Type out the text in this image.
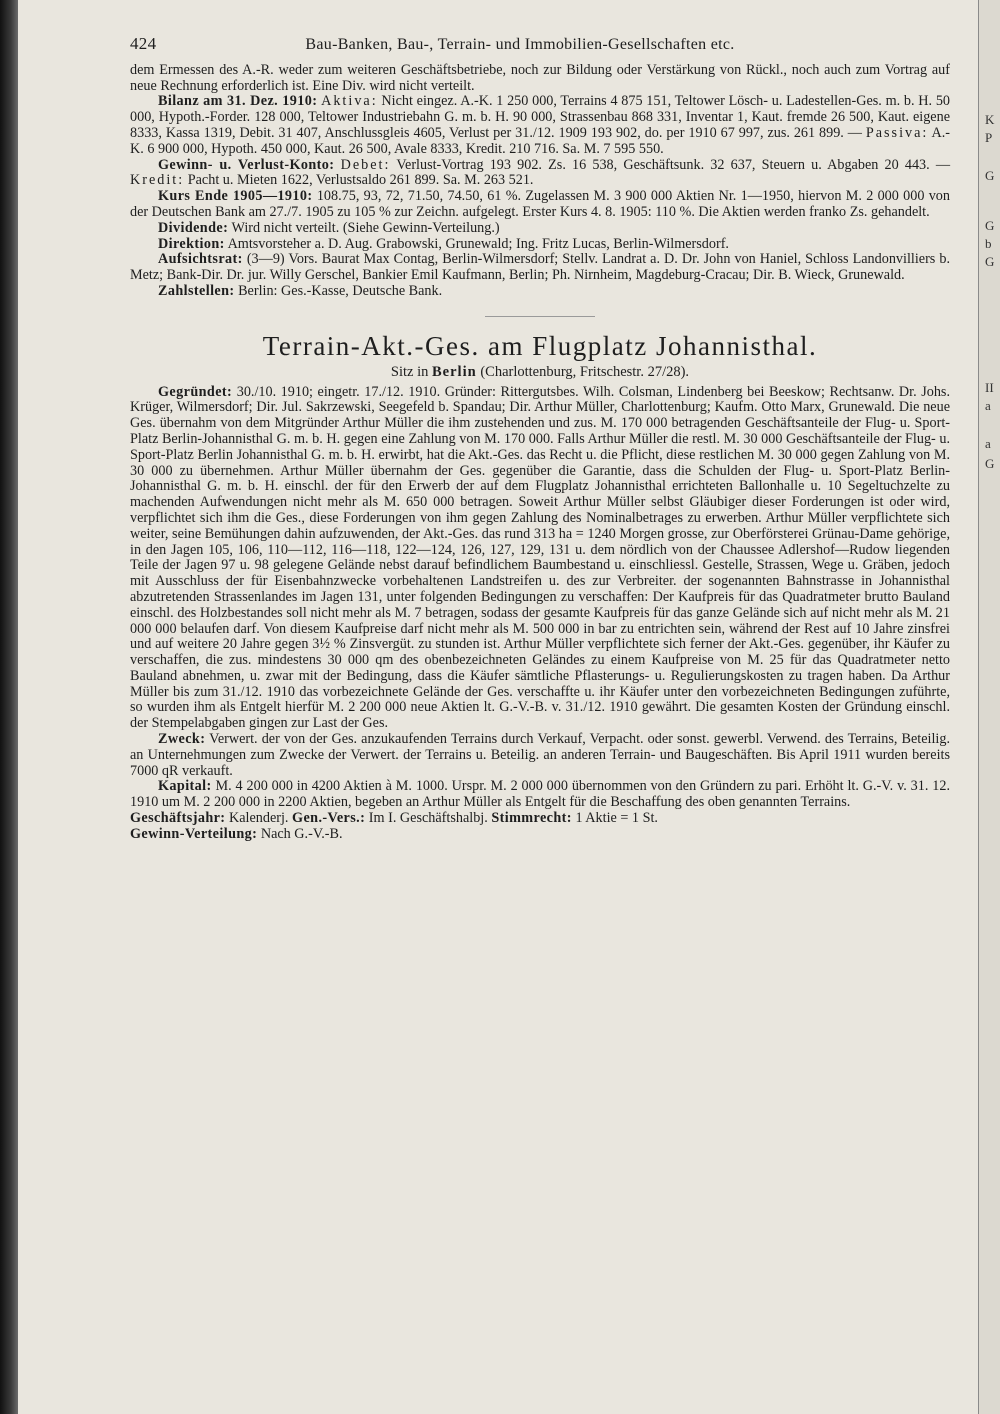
424	Bau-Banken, Bau-, Terrain- und Immobilien-Gesellschaften etc.

dem Ermessen des A.-R. weder zum weiteren Geschäftsbetriebe, noch zur Bildung oder Verstärkung von Rückl., noch auch zum Vortrag auf neue Rechnung erforderlich ist. Eine Div. wird nicht verteilt.

Bilanz am 31. Dez. 1910: Aktiva: Nicht eingez. A.-K. 1 250 000, Terrains 4 875 151, Teltower Lösch- u. Ladestellen-Ges. m. b. H. 50 000, Hypoth.-Forder. 128 000, Teltower Industriebahn G. m. b. H. 90 000, Strassenbau 868 331, Inventar 1, Kaut. fremde 26 500, Kaut. eigene 8333, Kassa 1319, Debit. 31 407, Anschlussgleis 4605, Verlust per 31./12. 1909 193 902, do. per 1910 67 997, zus. 261 899. — Passiva: A.-K. 6 900 000, Hypoth. 450 000, Kaut. 26 500, Avale 8333, Kredit. 210 716. Sa. M. 7 595 550.

Gewinn- u. Verlust-Konto: Debet: Verlust-Vortrag 193 902. Zs. 16 538, Geschäftsunk. 32 637, Steuern u. Abgaben 20 443. — Kredit: Pacht u. Mieten 1622, Verlustsaldo 261 899. Sa. M. 263 521.

Kurs Ende 1905—1910: 108.75, 93, 72, 71.50, 74.50, 61 %. Zugelassen M. 3 900 000 Aktien Nr. 1—1950, hiervon M. 2 000 000 von der Deutschen Bank am 27./7. 1905 zu 105 % zur Zeichn. aufgelegt. Erster Kurs 4. 8. 1905: 110 %. Die Aktien werden franko Zs. gehandelt.

Dividende: Wird nicht verteilt. (Siehe Gewinn-Verteilung.)

Direktion: Amtsvorsteher a. D. Aug. Grabowski, Grunewald; Ing. Fritz Lucas, Berlin-Wilmersdorf.

Aufsichtsrat: (3—9) Vors. Baurat Max Contag, Berlin-Wilmersdorf; Stellv. Landrat a. D. Dr. John von Haniel, Schloss Landonvilliers b. Metz; Bank-Dir. Dr. jur. Willy Gerschel, Bankier Emil Kaufmann, Berlin; Ph. Nirnheim, Magdeburg-Cracau; Dir. B. Wieck, Grunewald.

Zahlstellen: Berlin: Ges.-Kasse, Deutsche Bank.

Terrain-Akt.-Ges. am Flugplatz Johannisthal.
Sitz in Berlin (Charlottenburg, Fritschestr. 27/28).

Gegründet: 30./10. 1910; eingetr. 17./12. 1910. Gründer: Rittergutsbes. Wilh. Colsman, Lindenberg bei Beeskow; Rechtsanw. Dr. Johs. Krüger, Wilmersdorf; Dir. Jul. Sakrzewski, Seegefeld b. Spandau; Dir. Arthur Müller, Charlottenburg; Kaufm. Otto Marx, Grunewald. Die neue Ges. übernahm von dem Mitgründer Arthur Müller die ihm zustehenden und zus. M. 170 000 betragenden Geschäftsanteile der Flug- u. Sport-Platz Berlin-Johannisthal G. m. b. H. gegen eine Zahlung von M. 170 000. Falls Arthur Müller die restl. M. 30 000 Geschäftsanteile der Flug- u. Sport-Platz Berlin Johannisthal G. m. b. H. erwirbt, hat die Akt.-Ges. das Recht u. die Pflicht, diese restlichen M. 30 000 gegen Zahlung von M. 30 000 zu übernehmen. Arthur Müller übernahm der Ges. gegenüber die Garantie, dass die Schulden der Flug- u. Sport-Platz Berlin-Johannisthal G. m. b. H. einschl. der für den Erwerb der auf dem Flugplatz Johannisthal errichteten Ballonhalle u. 10 Segeltuchzelte zu machenden Aufwendungen nicht mehr als M. 650 000 betragen. Soweit Arthur Müller selbst Gläubiger dieser Forderungen ist oder wird, verpflichtet sich ihm die Ges., diese Forderungen von ihm gegen Zahlung des Nominalbetrages zu erwerben. Arthur Müller verpflichtete sich weiter, seine Bemühungen dahin aufzuwenden, der Akt.-Ges. das rund 313 ha = 1240 Morgen grosse, zur Oberförsterei Grünau-Dame gehörige, in den Jagen 105, 106, 110—112, 116—118, 122—124, 126, 127, 129, 131 u. dem nördlich von der Chaussee Adlershof—Rudow liegenden Teile der Jagen 97 u. 98 gelegene Gelände nebst darauf befindlichem Baumbestand u. einschliessl. Gestelle, Strassen, Wege u. Gräben, jedoch mit Ausschluss der für Eisenbahnzwecke vorbehaltenen Landstreifen u. des zur Verbreiter. der sogenannten Bahnstrasse in Johannisthal abzutretenden Strassenlandes im Jagen 131, unter folgenden Bedingungen zu verschaffen: Der Kaufpreis für das Quadratmeter brutto Bauland einschl. des Holzbestandes soll nicht mehr als M. 7 betragen, sodass der gesamte Kaufpreis für das ganze Gelände sich auf nicht mehr als M. 21 000 000 belaufen darf. Von diesem Kaufpreise darf nicht mehr als M. 500 000 in bar zu entrichten sein, während der Rest auf 10 Jahre zinsfrei und auf weitere 20 Jahre gegen 3½ % Zinsvergüt. zu stunden ist. Arthur Müller verpflichtete sich ferner der Akt.-Ges. gegenüber, ihr Käufer zu verschaffen, die zus. mindestens 30 000 qm des obenbezeichneten Geländes zu einem Kaufpreise von M. 25 für das Quadratmeter netto Bauland abnehmen, u. zwar mit der Bedingung, dass die Käufer sämtliche Pflasterungs- u. Regulierungskosten zu tragen haben. Da Arthur Müller bis zum 31./12. 1910 das vorbezeichnete Gelände der Ges. verschaffte u. ihr Käufer unter den vorbezeichneten Bedingungen zuführte, so wurden ihm als Entgelt hierfür M. 2 200 000 neue Aktien lt. G.-V.-B. v. 31./12. 1910 gewährt. Die gesamten Kosten der Gründung einschl. der Stempelabgaben gingen zur Last der Ges.

Zweck: Verwert. der von der Ges. anzukaufenden Terrains durch Verkauf, Verpacht. oder sonst. gewerbl. Verwend. des Terrains, Beteilig. an Unternehmungen zum Zwecke der Verwert. der Terrains u. Beteilig. an anderen Terrain- und Baugeschäften. Bis April 1911 wurden bereits 7000 qR verkauft.

Kapital: M. 4 200 000 in 4200 Aktien à M. 1000. Urspr. M. 2 000 000 übernommen von den Gründern zu pari. Erhöht lt. G.-V. v. 31. 12. 1910 um M. 2 200 000 in 2200 Aktien, begeben an Arthur Müller als Entgelt für die Beschaffung des oben genannten Terrains.

Geschäftsjahr: Kalenderj. Gen.-Vers.: Im I. Geschäftshalbj. Stimmrecht: 1 Aktie = 1 St.

Gewinn-Verteilung: Nach G.-V.-B.

K
P
G
G
b
G
II
a
a
G
